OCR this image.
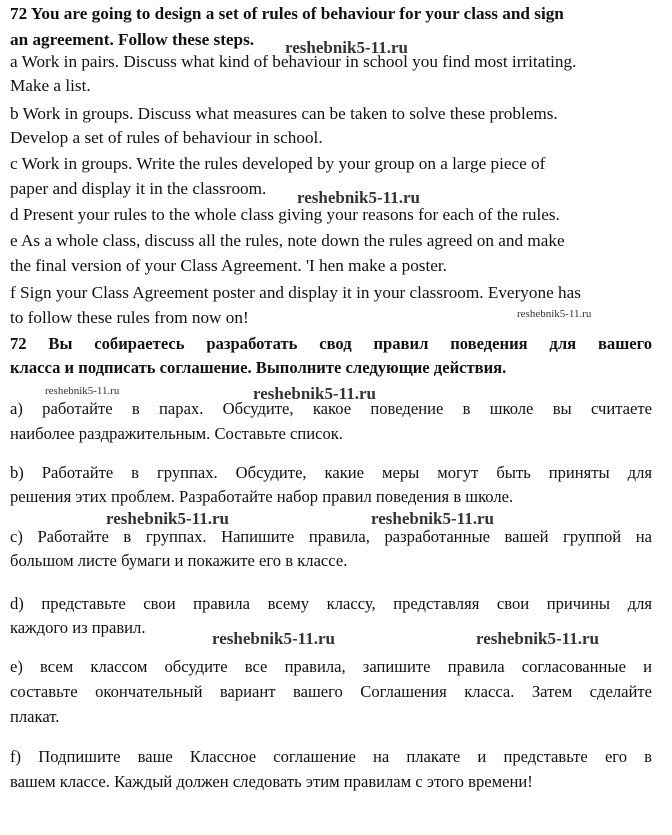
72 You are going to design a set of rules of behaviour for your class and sign
an agreement. Follow these steps.
a Work in pairs. Discuss what kind of behaviour in school you find most irritating.
Make a list.
b Work in groups. Discuss what measures can be taken to solve these problems.
Develop a set of rules of behaviour in school.
c Work in groups. Write the rules developed by your group on a large piece of
paper and display it in the classroom.
d Present your rules to the whole class giving your reasons for each of the rules.
e As a whole class, discuss all the rules, note down the rules agreed on and make
the final version of your Class Agreement. 'I hen make a poster.
f Sign your Class Agreement poster and display it in your classroom. Everyone has
to follow these rules from now on!
72 Вы собираетесь разработать свод правил поведения для вашего
класса и подписать соглашение. Выполните следующие действия.
а) работайте в парах. Обсудите, какое поведение в школе вы считаете
наиболее раздражительным. Составьте список.
b) Работайте в группах. Обсудите, какие меры могут быть приняты для
решения этих проблем. Разработайте набор правил поведения в школе.
с) Работайте в группах. Напишите правила, разработанные вашей группой на
большом листе бумаги и покажите его в классе.
d) представьте свои правила всему классу, представляя свои причины для
каждого из правил.
е) всем классом обсудите все правила, запишите правила согласованные и
составьте окончательный вариант вашего Соглашения класса. Затем сделайте
плакат.
f) Подпишите ваше Классное соглашение на плакате и представьте его в
вашем классе. Каждый должен следовать этим правилам с этого времени!
reshebnik5-11.ru
reshebnik5-11.ru
reshebnik5-11.ru
reshebnik5-11.ru	reshebnik5-11.ru
reshebnik5-11.ru	reshebnik5-11.ru
reshebnik5-11.ru	reshebnik5-11.ru
